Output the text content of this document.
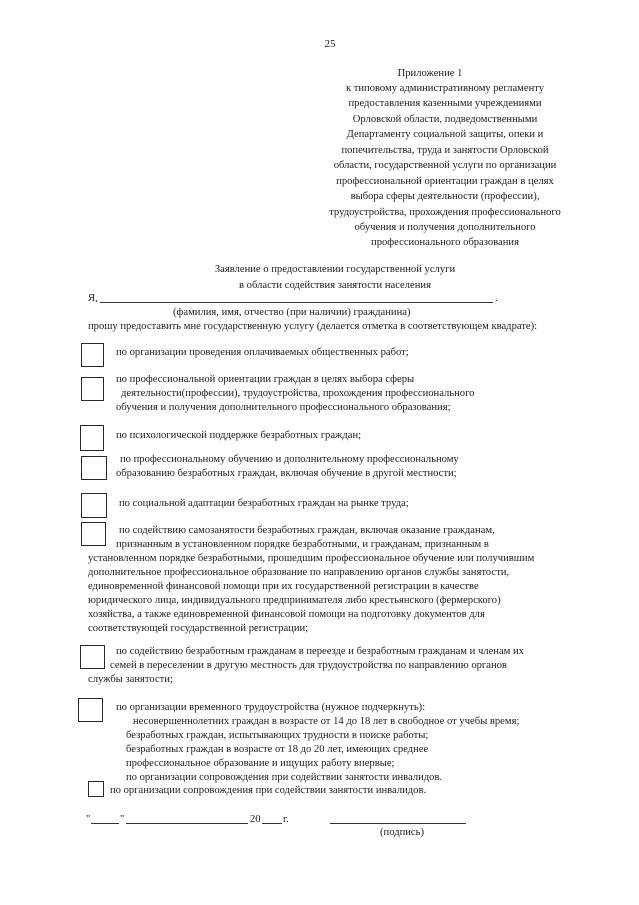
25
Приложение 1
к типовому административному регламенту
предоставления казенными учреждениями
Орловской области, подведомственными
Департаменту социальной защиты, опеки и
попечительства, труда и занятости Орловской
области, государственной услуги по организации
профессиональной ориентации граждан в целях
выбора сферы деятельности (профессии),
трудоустройства, прохождения профессионального
обучения и получения дополнительного
профессионального образования
Заявление о предоставлении государственной услуги
в области содействия занятости населения
Я,	.
(фамилия, имя, отчество (при наличии) гражданина)
прошу предоставить мне государственную услугу (делается отметка в соответствующем квадрате):
по организации проведения оплачиваемых общественных работ;
по профессиональной ориентации граждан в целях выбора сферы
деятельности(профессии), трудоустройства, прохождения профессионального
обучения и получения дополнительного профессионального образования;
по психологической поддержке безработных граждан;
по профессиональному обучению и дополнительному профессиональному
образованию безработных граждан, включая обучение в другой местности;
по социальной адаптации безработных граждан на рынке труда;
по содействию самозанятости безработных граждан, включая оказание гражданам,
признанным в установленном порядке безработными, и гражданам, признанным в
установленном порядке безработными, прошедшим профессиональное обучение или получившим
дополнительное профессиональное образование по направлению органов службы занятости,
единовременной финансовой помощи при их государственной регистрации в качестве
юридического лица, индивидуального предпринимателя либо крестьянского (фермерского)
хозяйства, а также единовременной финансовой помощи на подготовку документов для
соответствующей государственной регистрации;
по содействию безработным гражданам в переезде и безработным гражданам и членам их
семей в переселении в другую местность для трудоустройства по направлению органов
службы занятости;
по организации временного трудоустройства (нужное подчеркнуть):
несовершеннолетних граждан в возрасте от 14 до 18 лет в свободное от учебы время;
безработных граждан, испытывающих трудности в поиске работы;
безработных граждан в возрасте от 18 до 20 лет, имеющих среднее
профессиональное образование и ищущих работу впервые;
по организации сопровождения при содействии занятости инвалидов.
по организации сопровождения при содействии занятости инвалидов.
"	"	20 г.
(подпись)
